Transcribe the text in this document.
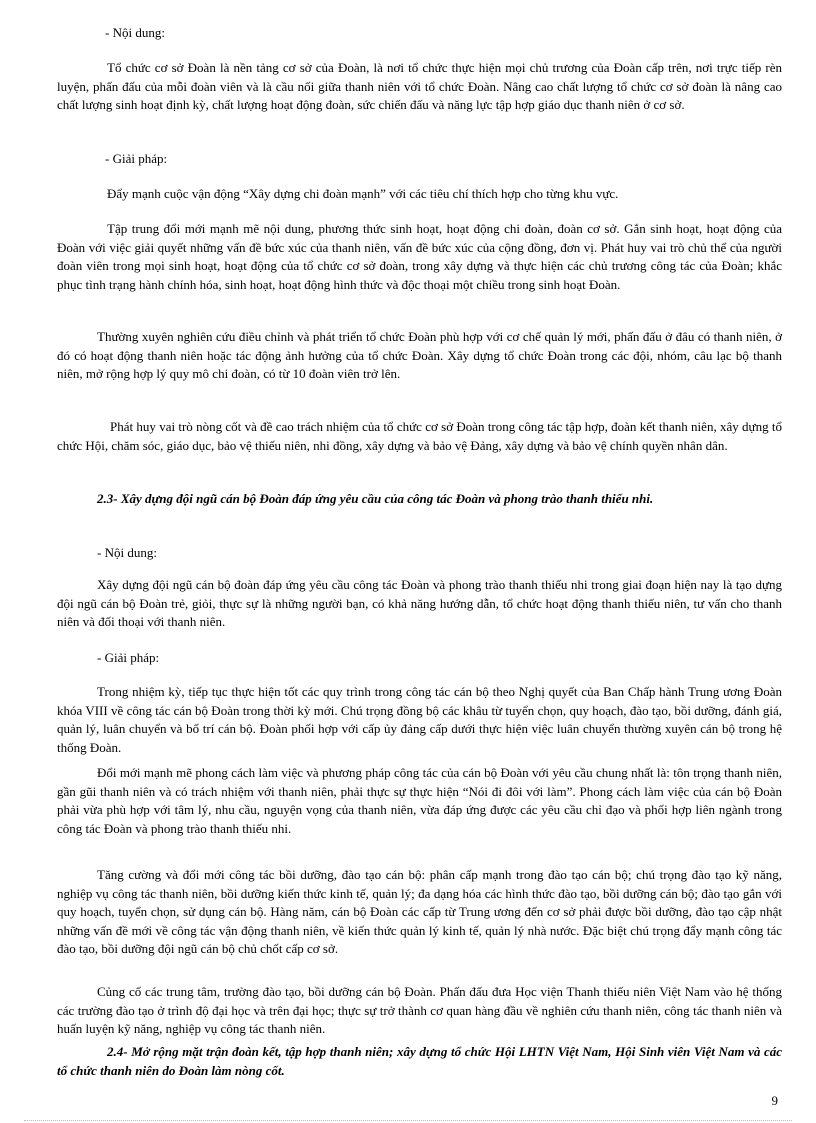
- Nội dung:

Tổ chức cơ sở Đoàn là nền tảng cơ sở của Đoàn, là nơi tổ chức thực hiện mọi chủ trương của Đoàn cấp trên, nơi trực tiếp rèn luyện, phấn đấu của mỗi đoàn viên và là cầu nối giữa thanh niên với tổ chức Đoàn. Nâng cao chất lượng tổ chức cơ sở đoàn là nâng cao chất lượng sinh hoạt định kỳ, chất lượng hoạt động đoàn, sức chiến đấu và năng lực tập hợp giáo dục thanh niên ở cơ sở.

- Giải pháp:

Đẩy mạnh cuộc vận động “Xây dựng chi đoàn mạnh” với các tiêu chí thích hợp cho từng khu vực.

Tập trung đổi mới mạnh mẽ nội dung, phương thức sinh hoạt, hoạt động chi đoàn, đoàn cơ sở. Gắn sinh hoạt, hoạt động của Đoàn với việc giải quyết những vấn đề bức xúc của thanh niên, vấn đề bức xúc của cộng đồng, đơn vị. Phát huy vai trò chủ thể của người đoàn viên trong mọi sinh hoạt, hoạt động của tổ chức cơ sở đoàn, trong xây dựng và thực hiện các chủ trương công tác của Đoàn; khắc phục tình trạng hành chính hóa, sinh hoạt, hoạt động hình thức và độc thoại một chiều trong sinh hoạt Đoàn.

Thường xuyên nghiên cứu điều chỉnh và phát triển tổ chức Đoàn phù hợp với cơ chế quản lý mới, phấn đấu ở đâu có thanh niên, ở đó có hoạt động thanh niên hoặc tác động ảnh hưởng của tổ chức Đoàn. Xây dựng tổ chức Đoàn trong các đội, nhóm, câu lạc bộ thanh niên, mở rộng hợp lý quy mô chi đoàn, có từ 10 đoàn viên trở lên.

2.3- Xây dựng đội ngũ cán bộ Đoàn đáp ứng yêu cầu của công tác Đoàn và phong trào thanh thiếu nhi.

Phát huy vai trò nòng cốt và đề cao trách nhiệm của tổ chức cơ sở Đoàn trong công tác tập hợp, đoàn kết thanh niên, xây dựng tổ chức Hội, chăm sóc, giáo dục, bảo vệ thiếu niên, nhi đồng, xây dựng và bảo vệ Đảng, xây dựng và bảo vệ chính quyền nhân dân.

- Nội dung:

Xây dựng đội ngũ cán bộ đoàn đáp ứng yêu cầu công tác Đoàn và phong trào thanh thiếu nhi trong giai đoạn hiện nay là tạo dựng đội ngũ cán bộ Đoàn trẻ, giỏi, thực sự là những người bạn, có khả năng hướng dẫn, tổ chức hoạt động thanh thiếu niên, tư vấn cho thanh niên và đối thoại với thanh niên.

- Giải pháp:

Trong nhiệm kỳ, tiếp tục thực hiện tốt các quy trình trong công tác cán bộ theo Nghị quyết của Ban Chấp hành Trung ương Đoàn khóa VIII về công tác cán bộ Đoàn trong thời kỳ mới. Chú trọng đồng bộ các khâu từ tuyển chọn, quy hoạch, đào tạo, bồi dưỡng, đánh giá, quản lý, luân chuyển và bố trí cán bộ. Đoàn phối hợp với cấp ủy đảng cấp dưới thực hiện việc luân chuyển thường xuyên cán bộ trong hệ thống Đoàn.

Đổi mới mạnh mẽ phong cách làm việc và phương pháp công tác của cán bộ Đoàn với yêu cầu chung nhất là: tôn trọng thanh niên, gần gũi thanh niên và có trách nhiệm với thanh niên, phải thực sự thực hiện “Nói đi đôi với làm”. Phong cách làm việc của cán bộ Đoàn phải vừa phù hợp với tâm lý, nhu cầu, nguyện vọng của thanh niên, vừa đáp ứng được các yêu cầu chỉ đạo và phối hợp liên ngành trong công tác Đoàn và phong trào thanh thiếu nhi.

Tăng cường và đổi mới công tác bồi dưỡng, đào tạo cán bộ: phân cấp mạnh trong đào tạo cán bộ; chú trọng đào tạo kỹ năng, nghiệp vụ công tác thanh niên, bồi dưỡng kiến thức kinh tế, quản lý; đa dạng hóa các hình thức đào tạo, bồi dưỡng cán bộ; đào tạo gắn với quy hoạch, tuyển chọn, sử dụng cán bộ. Hàng năm, cán bộ Đoàn các cấp từ Trung ương đến cơ sở phải được bồi dưỡng, đào tạo cập nhật những vấn đề mới về công tác vận động thanh niên, về kiến thức quản lý kinh tế, quản lý nhà nước. Đặc biệt chú trọng đẩy mạnh công tác đào tạo, bồi dưỡng đội ngũ cán bộ chủ chốt cấp cơ sở.

Củng cố các trung tâm, trường đào tạo, bồi dưỡng cán bộ Đoàn. Phấn đấu đưa Học viện Thanh thiếu niên Việt Nam vào hệ thống các trường đào tạo ở trình độ đại học và trên đại học; thực sự trở thành cơ quan hàng đầu về nghiên cứu thanh niên, công tác thanh niên và huấn luyện kỹ năng, nghiệp vụ công tác thanh niên.

2.4- Mở rộng mặt trận đoàn kết, tập hợp thanh niên; xây dựng tổ chức Hội LHTN Việt Nam, Hội Sinh viên Việt Nam và các tổ chức thanh niên do Đoàn làm nòng cốt.

9
